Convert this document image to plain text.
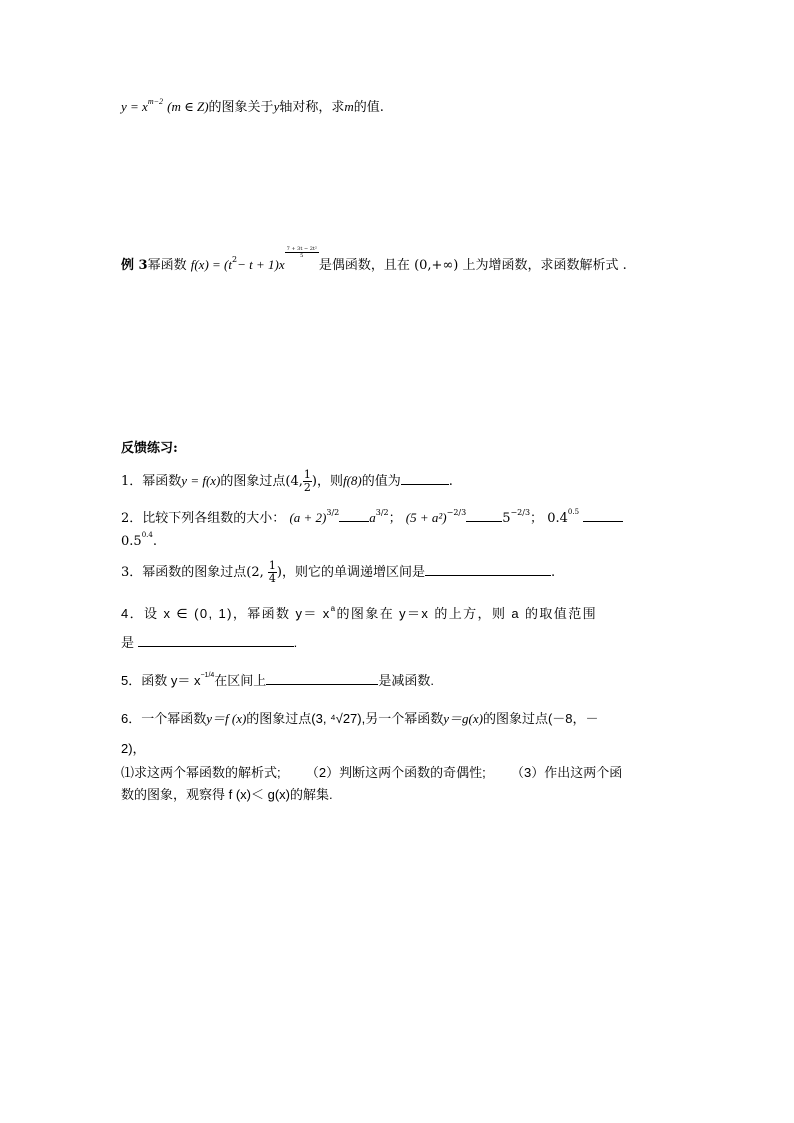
$y = x^{m-2}$ (m ∈ Z)的图象关于y轴对称，求m的值.
例 3幂函数 $f(x) = (t^2- t + 1)x$
$\frac{\text{7 + 3t − 2t²}}{5}$是偶函数，且在 (0,+∞) 上为增函数，求函数解析式 .
反馈练习:
1．幂函数y = f(x)的图象过点(4, $\frac{1}{2}$ )，则f(8)的值为	.
2．比较下列各组数的大小： $(a + 2)^{3/2}$ $a^{3/2}$； $(5 + a^2)^{-2/3}$	$5^{-2/3}$； $0.4^{0.5}$
$0.5^{0.4}$.
3．幂函数的图象过点(2, $\frac{1}{4}$ )，则它的单调递增区间是	.
4．设 x ∈ (0, 1)，幂函数 $y= x^a$的图象在 y＝x 的上方，则 a 的取值范围
是	.
5．函数 $y= x^{-1/4}$在区间上	是减函数.
6．一个幂函数y＝f (x)的图象过点(3, ⁴√27),另一个幂函数y＝g(x)的图象过点(－8，－
2)，
⑴求这两个幂函数的解析式; （2）判断这两个函数的奇偶性; （3）作出这两个函
数的图象，观察得 f (x)＜ g(x)的解集.
